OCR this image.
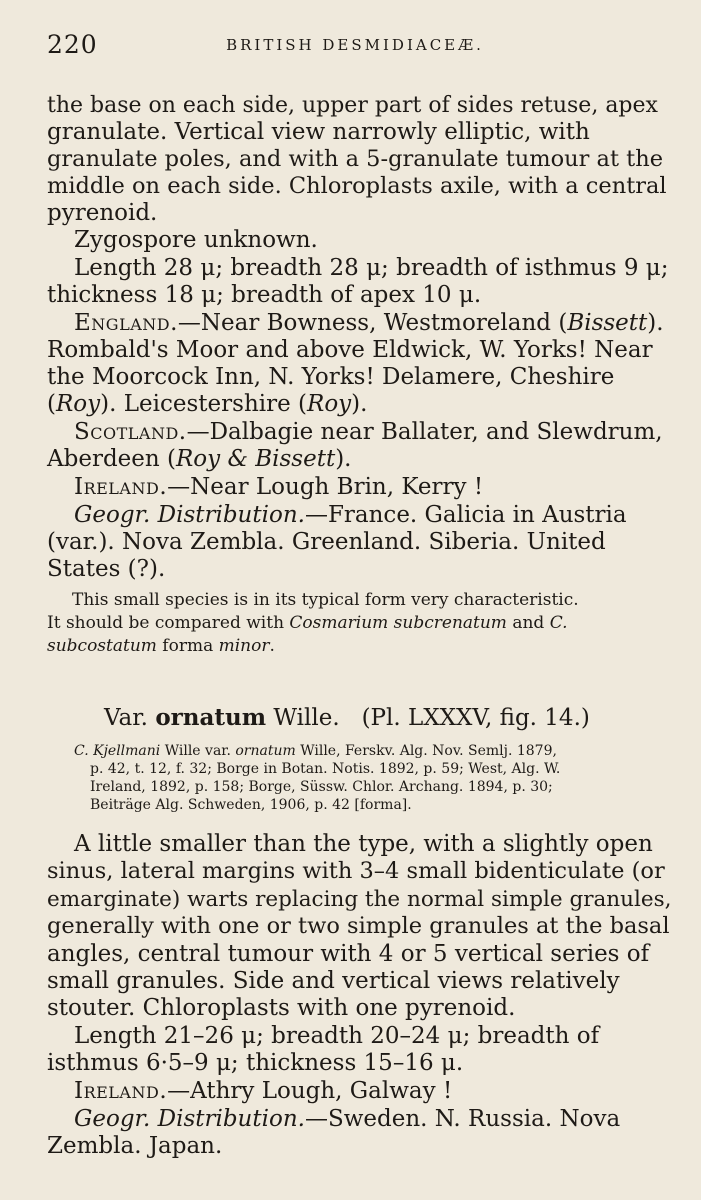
220	BRITISH DESMIDIACEÆ.
the base on each side, upper part of sides retuse, apex
granulate. Vertical view narrowly elliptic, with
granulate poles, and with a 5-granulate tumour at the
middle on each side. Chloroplasts axile, with a central
pyrenoid.
Zygospore unknown.
Length 28 μ; breadth 28 μ; breadth of isthmus 9 μ;
thickness 18 μ; breadth of apex 10 μ.
England.—Near Bowness, Westmoreland (Bissett).
Rombald's Moor and above Eldwick, W. Yorks! Near
the Moorcock Inn, N. Yorks! Delamere, Cheshire
(Roy). Leicestershire (Roy).
Scotland.—Dalbagie near Ballater, and Slewdrum,
Aberdeen (Roy & Bissett).
Ireland.—Near Lough Brin, Kerry !
Geogr. Distribution.—France. Galicia in Austria
(var.). Nova Zembla. Greenland. Siberia. United
States (?).
This small species is in its typical form very characteristic.
It should be compared with Cosmarium subcrenatum and C.
subcostatum forma minor.
Var. ornatum Wille. (Pl. LXXXV, fig. 14.)
C. Kjellmani Wille var. ornatum Wille, Ferskv. Alg. Nov. Semlj. 1879,
p. 42, t. 12, f. 32; Borge in Botan. Notis. 1892, p. 59; West, Alg. W.
Ireland, 1892, p. 158; Borge, Süssw. Chlor. Archang. 1894, p. 30;
Beiträge Alg. Schweden, 1906, p. 42 [forma].
A little smaller than the type, with a slightly open
sinus, lateral margins with 3–4 small bidenticulate (or
emarginate) warts replacing the normal simple granules,
generally with one or two simple granules at the basal
angles, central tumour with 4 or 5 vertical series of
small granules. Side and vertical views relatively
stouter. Chloroplasts with one pyrenoid.
Length 21–26 μ; breadth 20–24 μ; breadth of
isthmus 6·5–9 μ; thickness 15–16 μ.
Ireland.—Athry Lough, Galway !
Geogr. Distribution.—Sweden. N. Russia. Nova
Zembla. Japan.
